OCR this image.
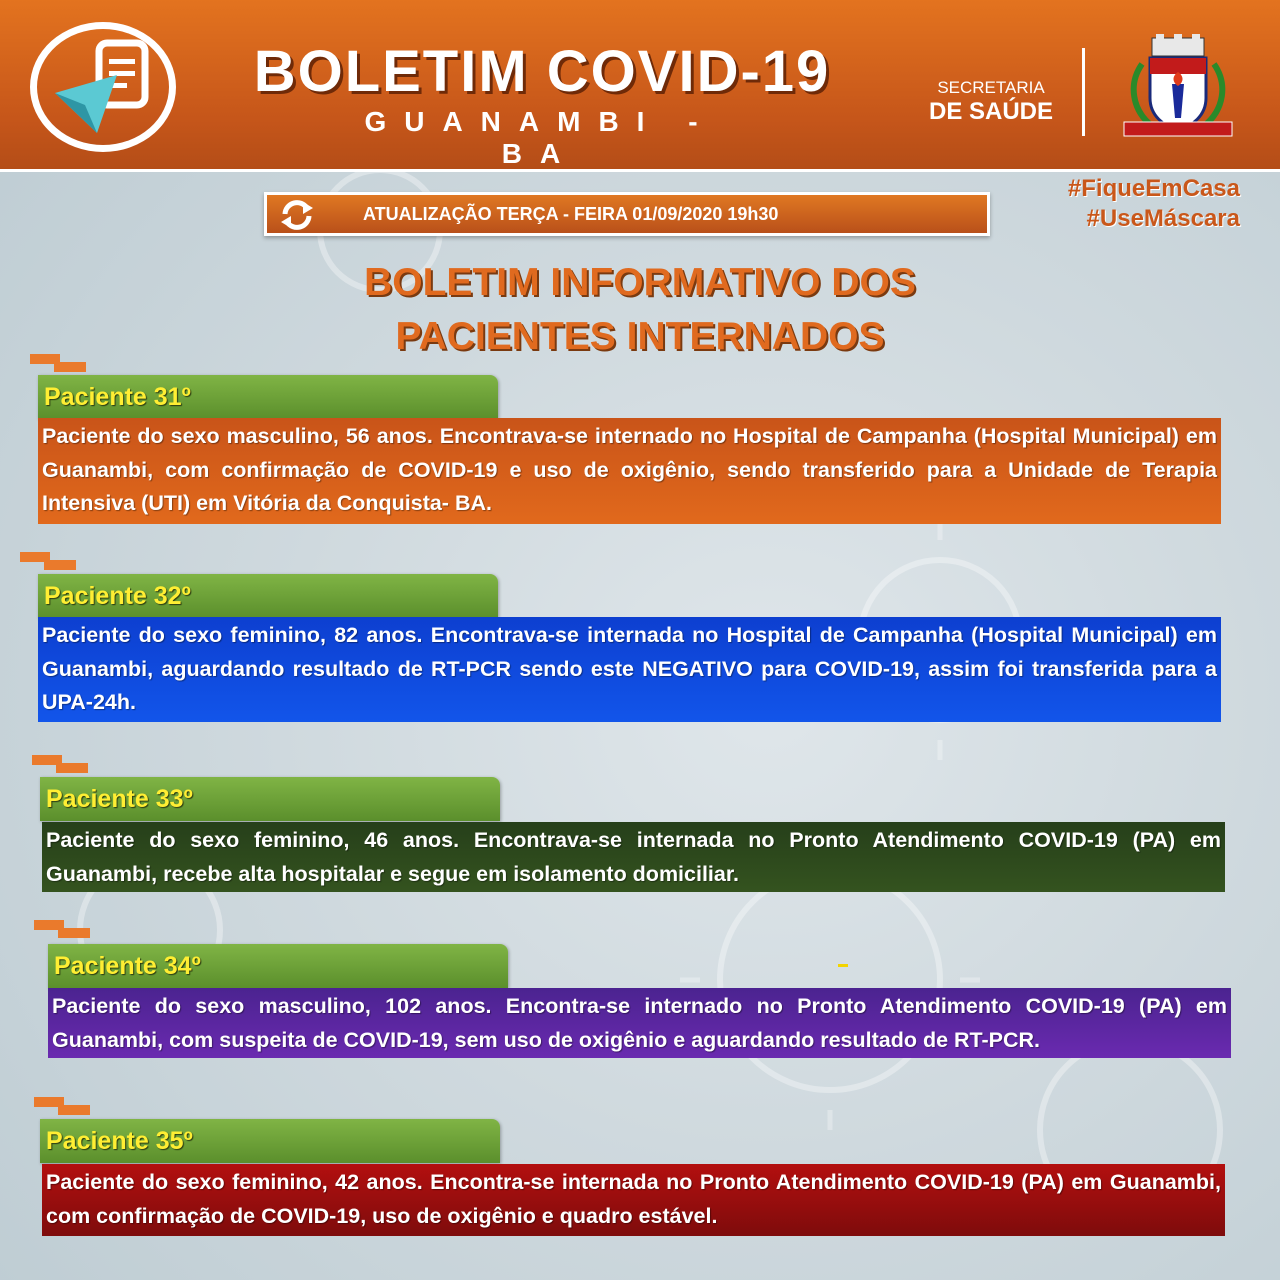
BOLETIM COVID-19
GUANAMBI - BA
SECRETARIA
DE SAÚDE
ATUALIZAÇÃO TERÇA - FEIRA 01/09/2020 19h30
#FiqueEmCasa
#UseMáscara
BOLETIM INFORMATIVO DOS
PACIENTES INTERNADOS
Paciente 31º
Paciente do sexo masculino, 56 anos. Encontrava-se internado no Hospital de Campanha (Hospital Municipal) em Guanambi, com confirmação de COVID-19 e uso de oxigênio, sendo transferido para a Unidade de Terapia Intensiva (UTI) em Vitória da Conquista- BA.
Paciente 32º
Paciente do sexo feminino, 82 anos. Encontrava-se internada no Hospital de Campanha (Hospital Municipal) em Guanambi, aguardando resultado de RT-PCR sendo este NEGATIVO para COVID-19, assim foi transferida para a UPA-24h.
Paciente 33º
Paciente do sexo feminino, 46 anos. Encontrava-se internada no Pronto Atendimento COVID-19 (PA) em Guanambi, recebe alta hospitalar e segue em isolamento domiciliar.
Paciente 34º
Paciente do sexo masculino, 102 anos. Encontra-se internado no Pronto Atendimento COVID-19 (PA) em Guanambi, com suspeita de COVID-19, sem uso de oxigênio e aguardando resultado de RT-PCR.
Paciente 35º
Paciente do sexo feminino, 42 anos. Encontra-se internada no Pronto Atendimento COVID-19 (PA) em Guanambi, com confirmação de COVID-19, uso de oxigênio e quadro estável.
